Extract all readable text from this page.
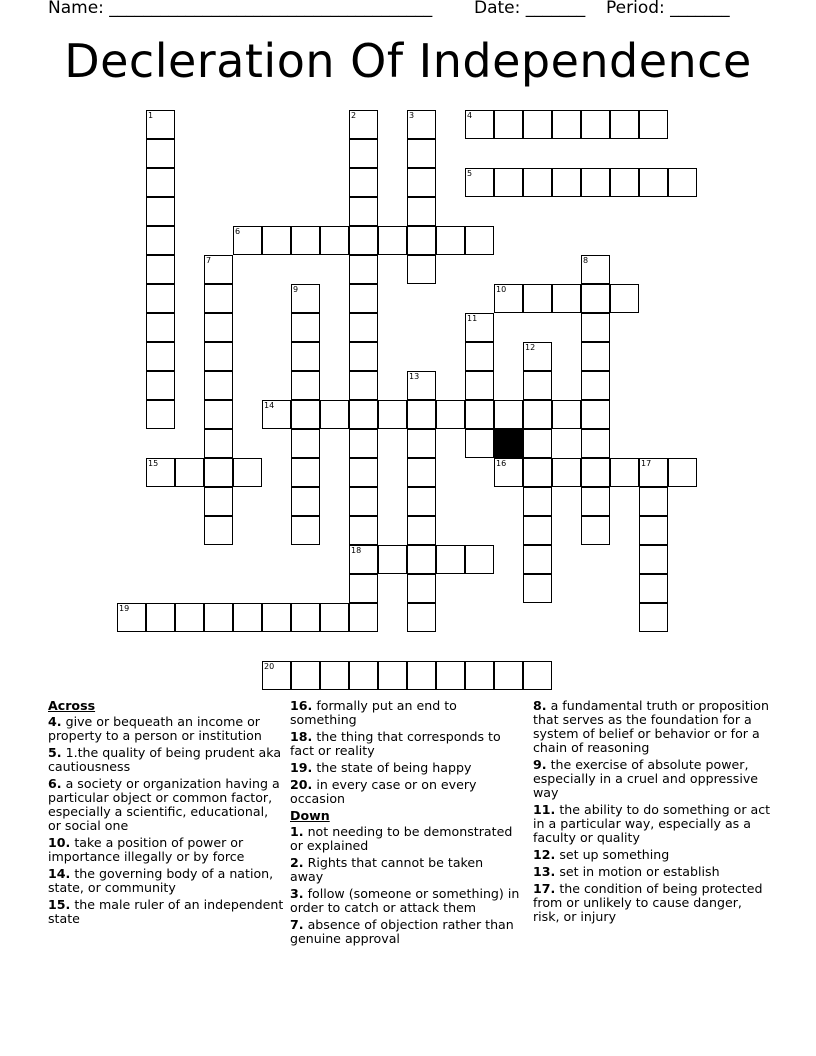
Name: ______________________________________ Date: _______ Period: _______
Decleration Of Independence
1	2	3	4
5
6
7	8
9	10
11
12
13
14
15	16	17
18
19
20
Across
4. give or bequeath an income or property to a person or institution
5. 1.the quality of being prudent aka cautiousness
6. a society or organization having a particular object or common factor, especially a scientific, educational, or social one
10. take a position of power or importance illegally or by force
14. the governing body of a nation, state, or community
15. the male ruler of an independent state
16. formally put an end to something
18. the thing that corresponds to fact or reality
19. the state of being happy
20. in every case or on every occasion
Down
1. not needing to be demonstrated or explained
2. Rights that cannot be taken away
3. follow (someone or something) in order to catch or attack them
7. absence of objection rather than genuine approval
8. a fundamental truth or proposition that serves as the foundation for a system of belief or behavior or for a chain of reasoning
9. the exercise of absolute power, especially in a cruel and oppressive way
11. the ability to do something or act in a particular way, especially as a faculty or quality
12. set up something
13. set in motion or establish
17. the condition of being protected from or unlikely to cause danger, risk, or injury
